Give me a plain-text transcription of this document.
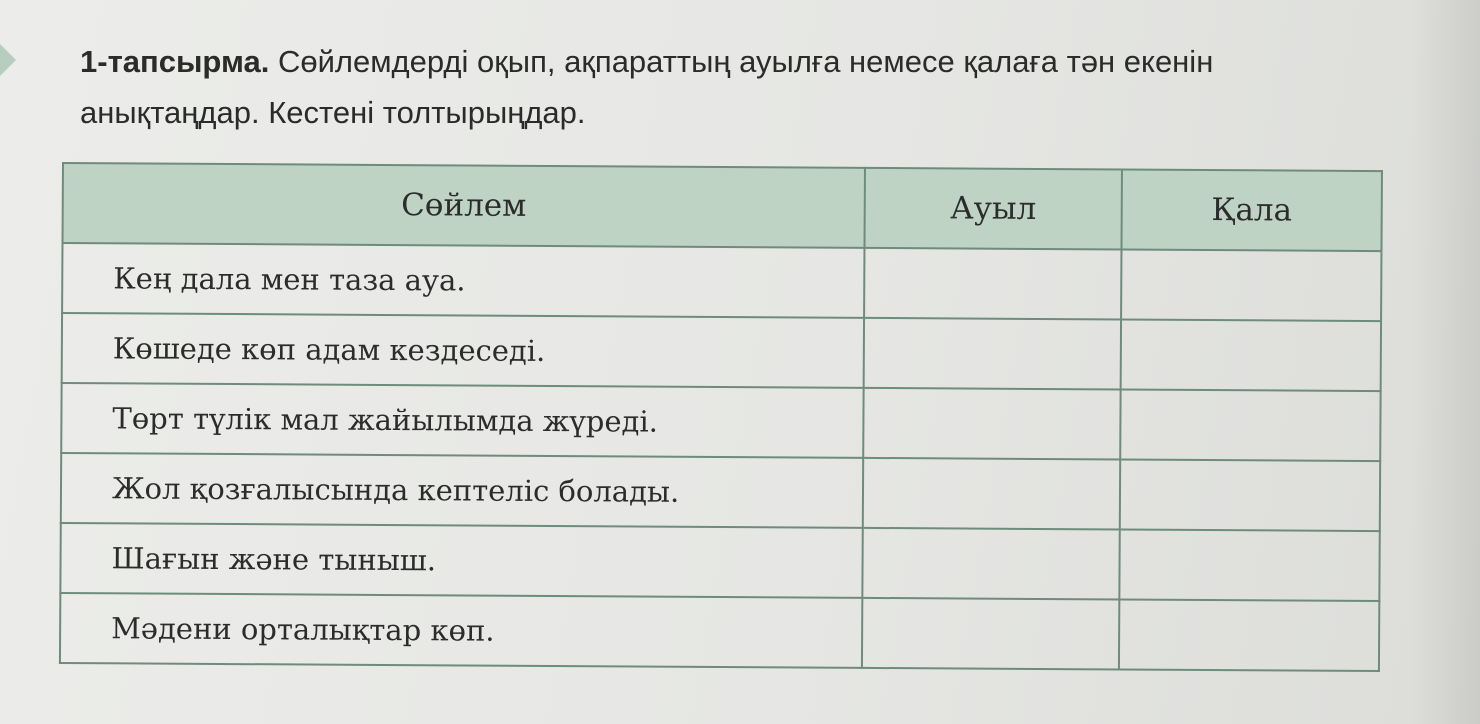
1-тапсырма. Сөйлемдерді оқып, ақпараттың ауылға немесе қалаға тән екенін анықтаңдар. Кестені толтырыңдар.
Сөйлем	Ауыл	Қала
Кең дала мен таза ауа.		
Көшеде көп адам кездеседі.		
Төрт түлік мал жайылымда жүреді.		
Жол қозғалысында кептеліс болады.		
Шағын және тыныш.		
Мәдени орталықтар көп.		
